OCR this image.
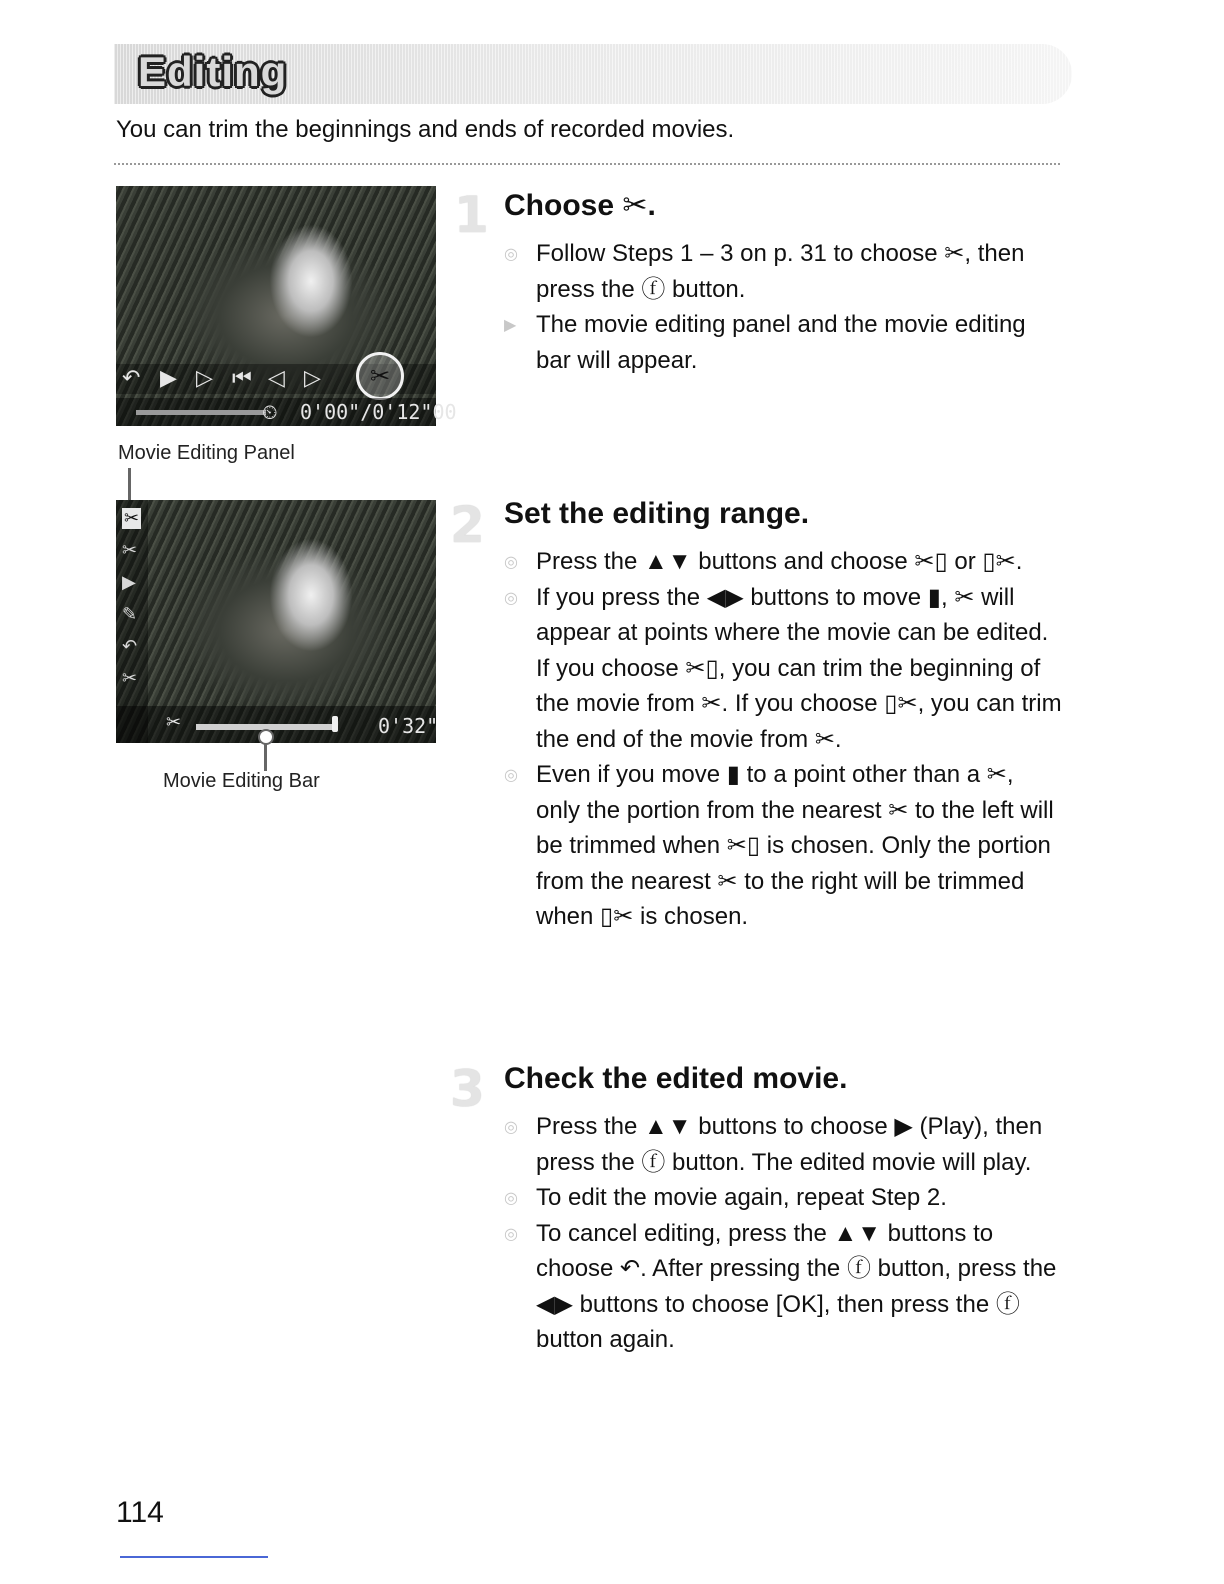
Editing
You can trim the beginnings and ends of recorded movies.
↶ ▶ ▷ ⏮ ◁ ▷ ✂
⏲ 0'00"/0'12"00
Movie Editing Panel
✂
✂
▶
✎
↶
✂
✂	0'32"
Movie Editing Bar
1 Choose ✂.
◎ Follow Steps 1 – 3 on p. 31 to choose ✂, then press the ⓕ button.
▶ The movie editing panel and the movie editing bar will appear.
2 Set the editing range.
◎ Press the ▲▼ buttons and choose ✂▯ or ▯✂.
◎ If you press the ◀▶ buttons to move ▮, ✂ will appear at points where the movie can be edited. If you choose ✂▯, you can trim the beginning of the movie from ✂. If you choose ▯✂, you can trim the end of the movie from ✂.
◎ Even if you move ▮ to a point other than a ✂, only the portion from the nearest ✂ to the left will be trimmed when ✂▯ is chosen. Only the portion from the nearest ✂ to the right will be trimmed when ▯✂ is chosen.
3 Check the edited movie.
◎ Press the ▲▼ buttons to choose ▶ (Play), then press the ⓕ button. The edited movie will play.
◎ To edit the movie again, repeat Step 2.
◎ To cancel editing, press the ▲▼ buttons to choose ↶. After pressing the ⓕ button, press the ◀▶ buttons to choose [OK], then press the ⓕ button again.
114
